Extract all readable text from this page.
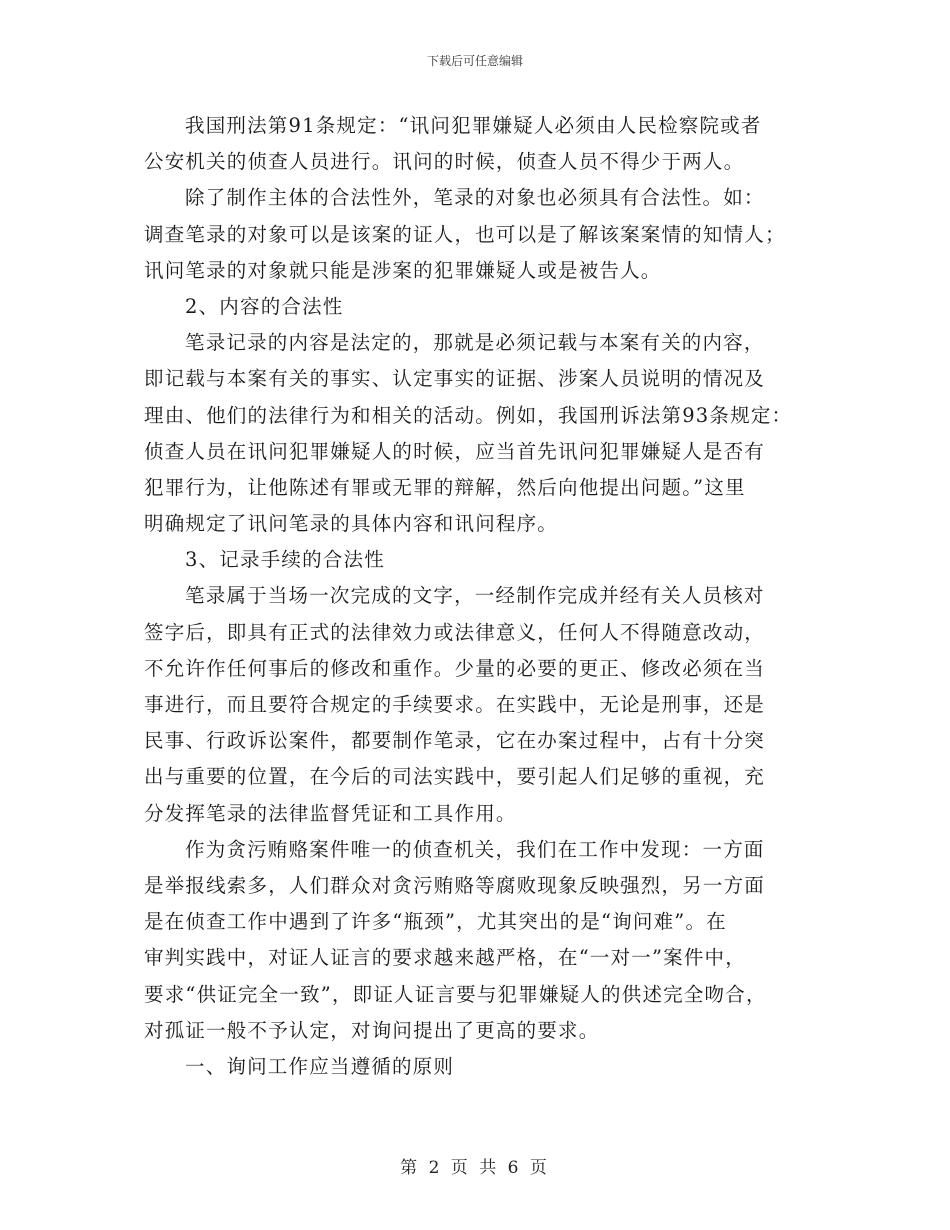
下载后可任意编辑
我国刑法第91条规定：“讯问犯罪嫌疑人必须由人民检察院或者
公安机关的侦查人员进行。讯问的时候，侦查人员不得少于两人。
除了制作主体的合法性外，笔录的对象也必须具有合法性。如：
调查笔录的对象可以是该案的证人，也可以是了解该案案情的知情人；
讯问笔录的对象就只能是涉案的犯罪嫌疑人或是被告人。
2、内容的合法性
笔录记录的内容是法定的，那就是必须记载与本案有关的内容，
即记载与本案有关的事实、认定事实的证据、涉案人员说明的情况及
理由、他们的法律行为和相关的活动。例如，我国刑诉法第93条规定：
侦查人员在讯问犯罪嫌疑人的时候，应当首先讯问犯罪嫌疑人是否有
犯罪行为，让他陈述有罪或无罪的辩解，然后向他提出问题。”这里
明确规定了讯问笔录的具体内容和讯问程序。
3、记录手续的合法性
笔录属于当场一次完成的文字，一经制作完成并经有关人员核对
签字后，即具有正式的法律效力或法律意义，任何人不得随意改动，
不允许作任何事后的修改和重作。少量的必要的更正、修改必须在当
事进行，而且要符合规定的手续要求。在实践中，无论是刑事，还是
民事、行政诉讼案件，都要制作笔录，它在办案过程中，占有十分突
出与重要的位置，在今后的司法实践中，要引起人们足够的重视，充
分发挥笔录的法律监督凭证和工具作用。
作为贪污贿赂案件唯一的侦查机关，我们在工作中发现：一方面
是举报线索多，人们群众对贪污贿赂等腐败现象反映强烈，另一方面
是在侦查工作中遇到了许多“瓶颈”，尤其突出的是“询问难”。在
审判实践中，对证人证言的要求越来越严格，在“一对一”案件中，
要求“供证完全一致”，即证人证言要与犯罪嫌疑人的供述完全吻合，
对孤证一般不予认定，对询问提出了更高的要求。
一、询问工作应当遵循的原则
第 2 页 共 6 页
